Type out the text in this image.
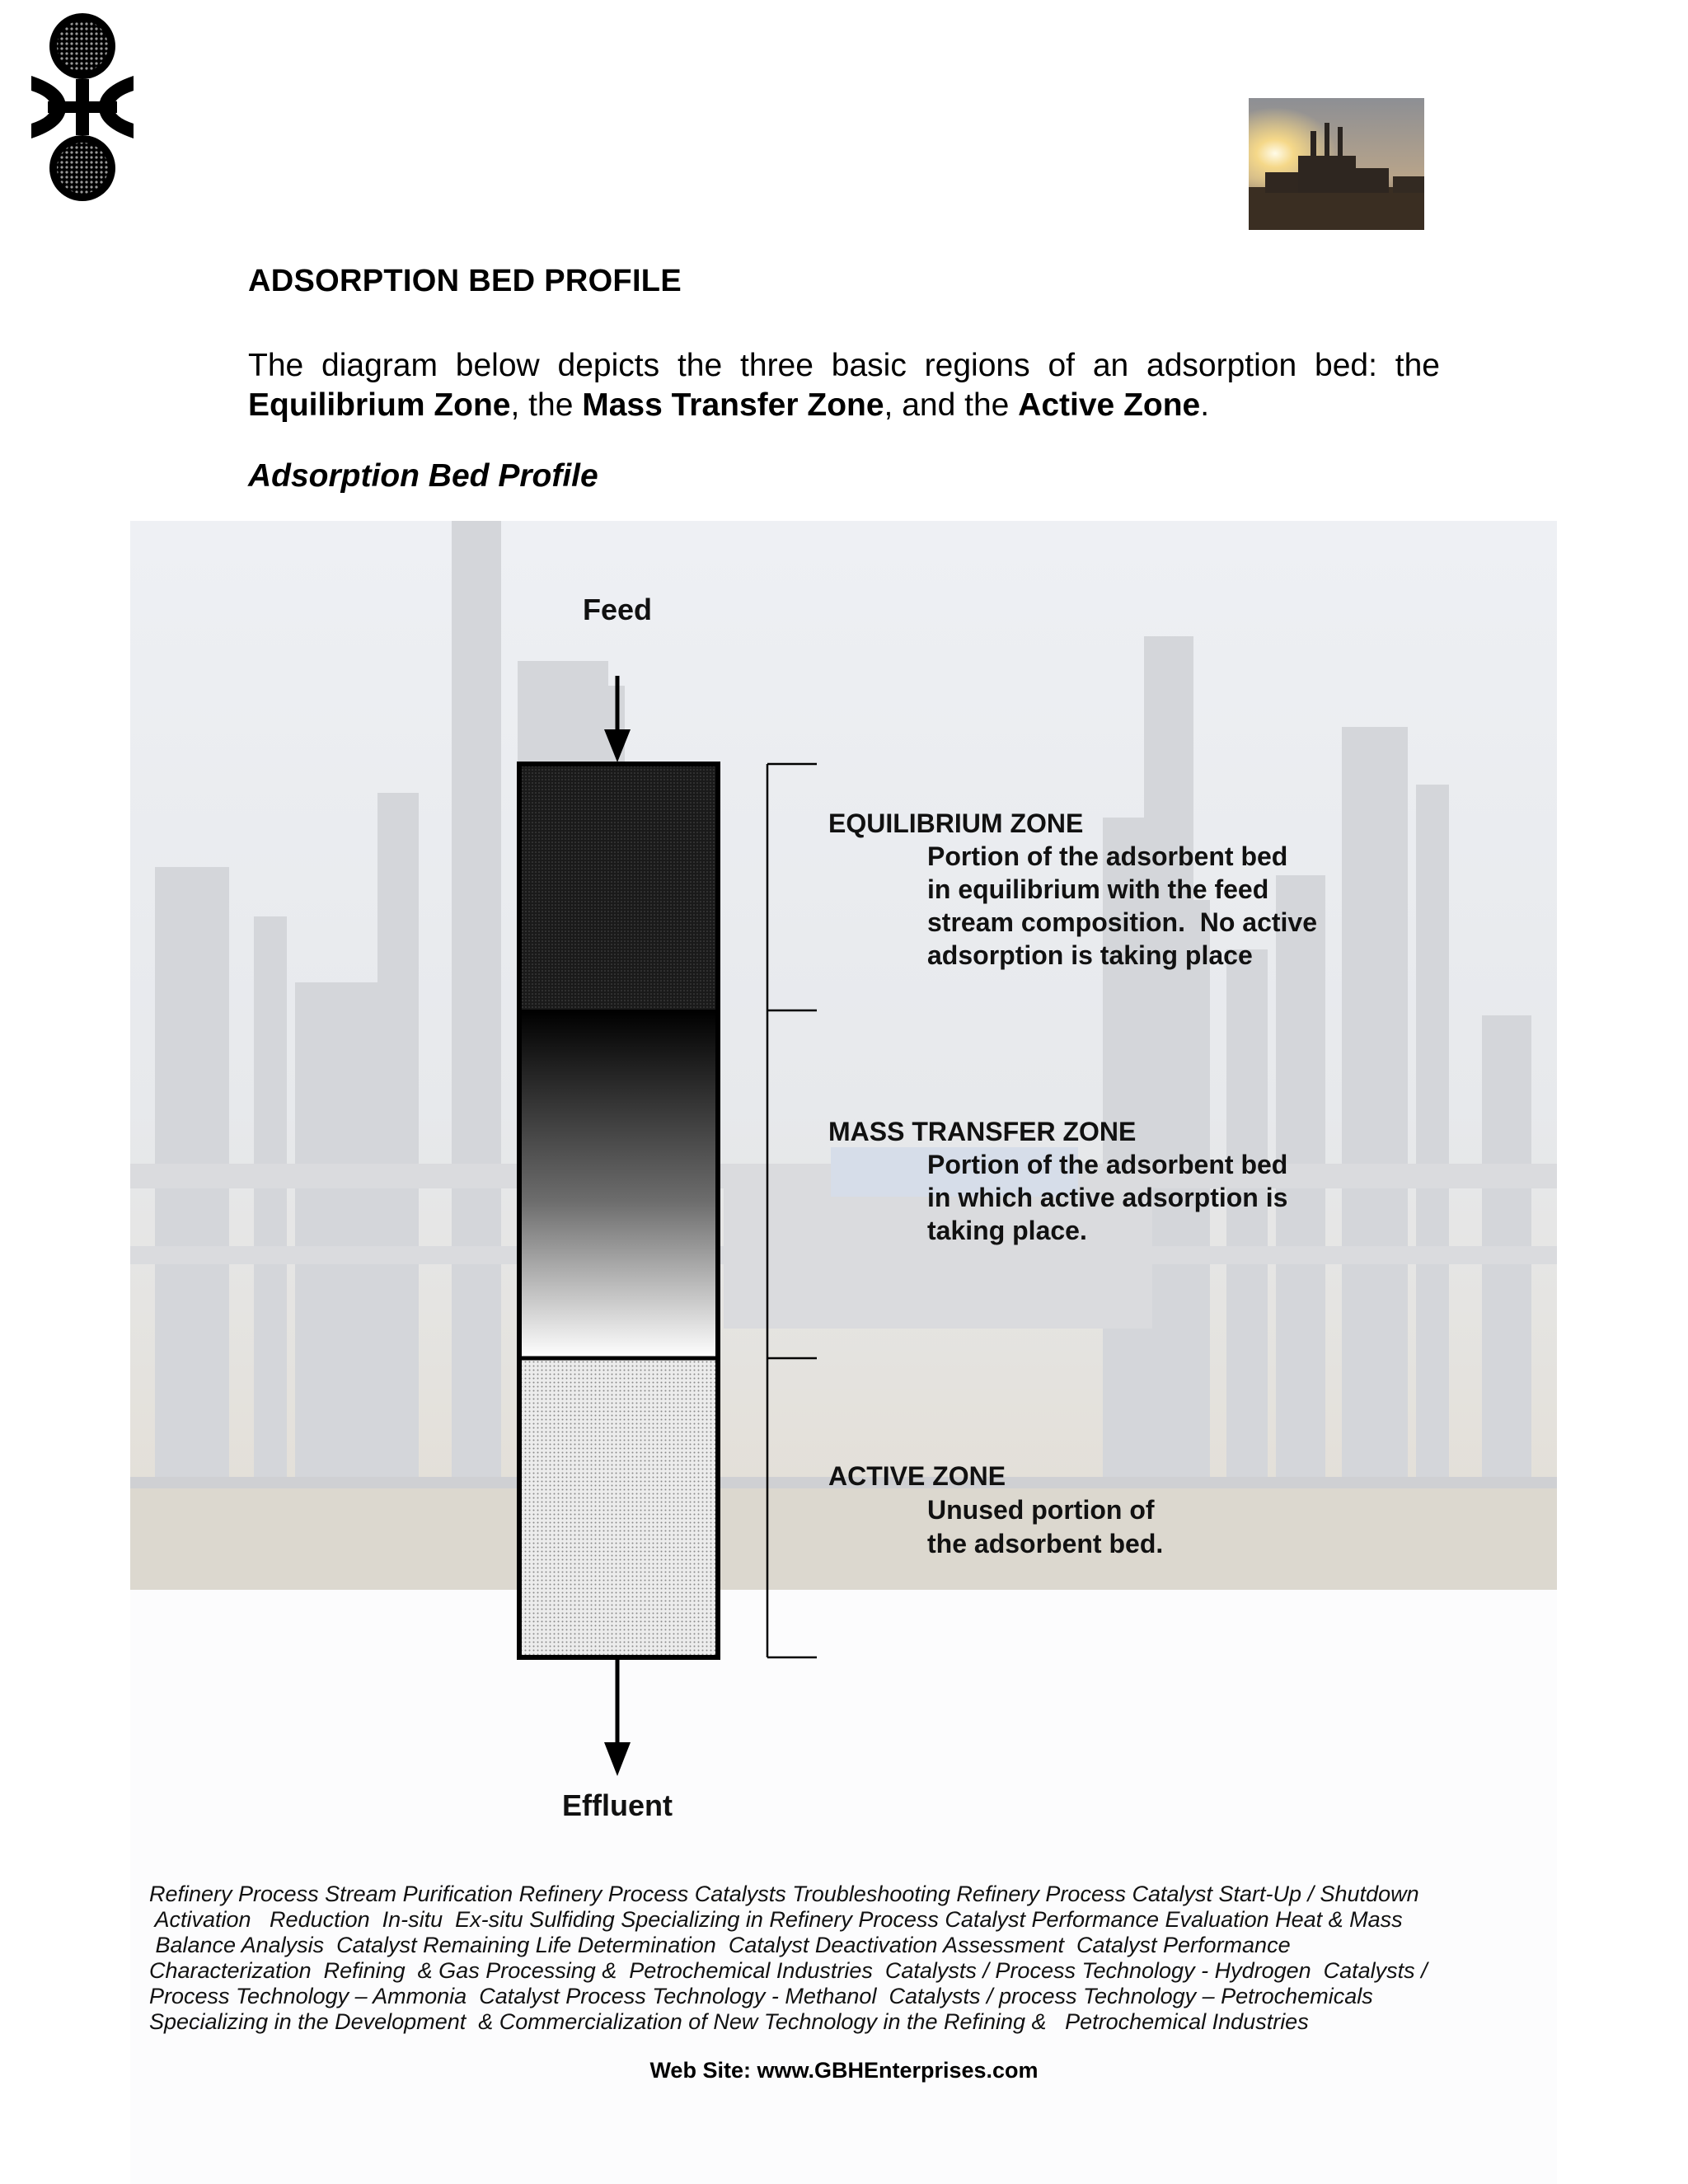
ADSORPTION BED PROFILE
The diagram below depicts the three basic regions of an adsorption bed: the
Equilibrium Zone, the Mass Transfer Zone, and the Active Zone.
Adsorption Bed Profile
Feed
Effluent
EQUILIBRIUM ZONE
Portion of the adsorbent bed
in equilibrium with the feed
stream composition.  No active
adsorption is taking place
MASS TRANSFER ZONE
Portion of the adsorbent bed
in which active adsorption is
taking place.
ACTIVE ZONE
Unused portion of
the adsorbent bed.
Refinery Process Stream Purification Refinery Process Catalysts Troubleshooting Refinery Process Catalyst Start-Up / Shutdown
Activation   Reduction  In-situ  Ex-situ Sulfiding Specializing in Refinery Process Catalyst Performance Evaluation Heat & Mass
Balance Analysis  Catalyst Remaining Life Determination  Catalyst Deactivation Assessment  Catalyst Performance
Characterization  Refining  & Gas Processing &  Petrochemical Industries  Catalysts / Process Technology - Hydrogen  Catalysts /
Process Technology – Ammonia  Catalyst Process Technology - Methanol  Catalysts / process Technology – Petrochemicals
Specializing in the Development  & Commercialization of New Technology in the Refining &   Petrochemical Industries
Web Site: www.GBHEnterprises.com
